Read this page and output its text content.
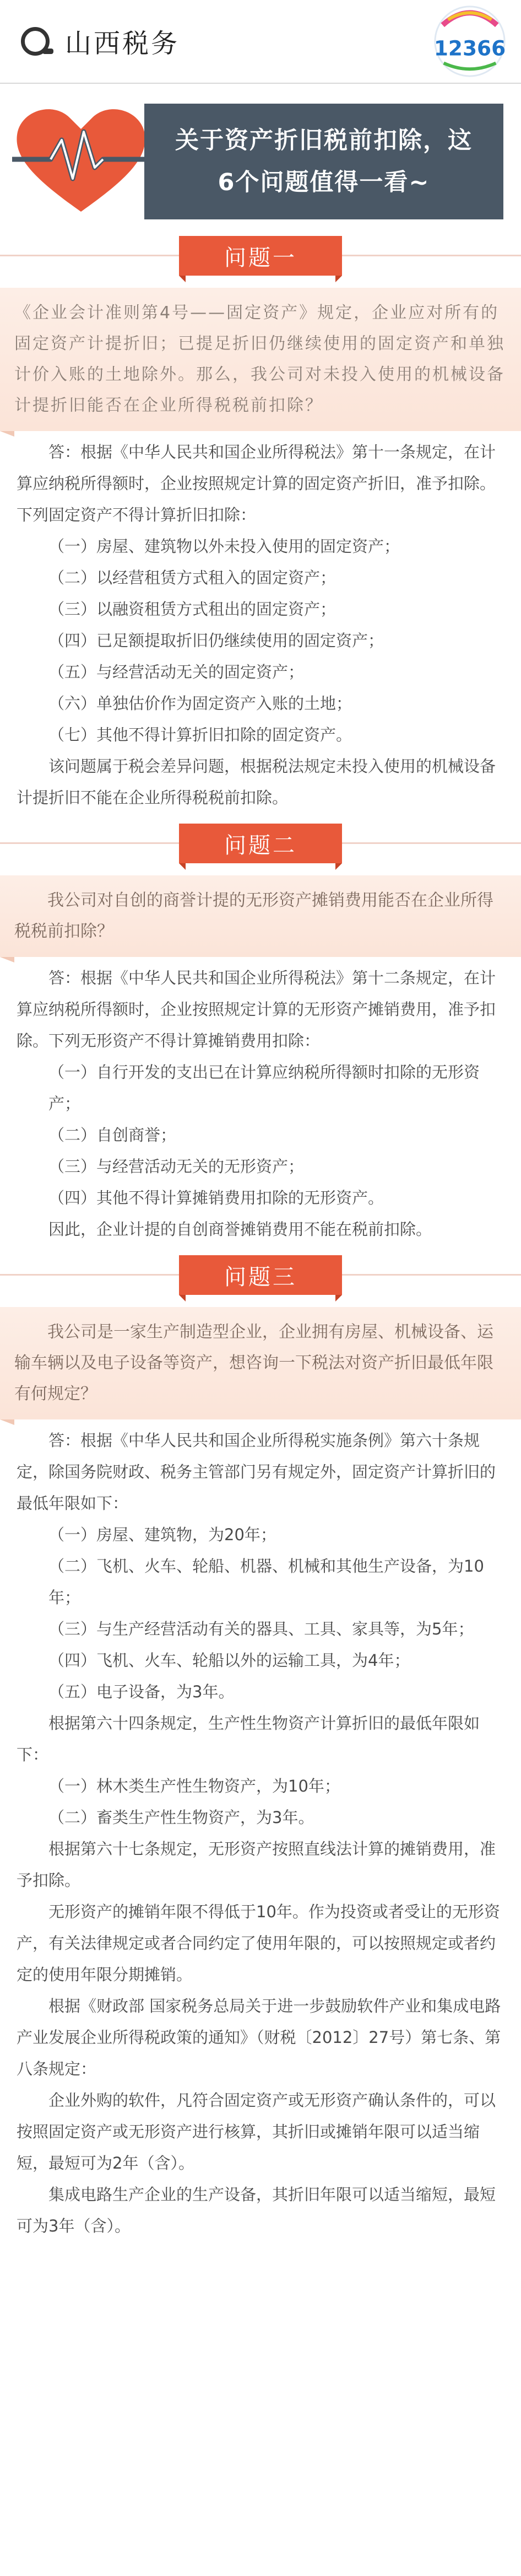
山西税务	12366
关于资产折旧税前扣除，这
6个问题值得一看~
问题一
《企业会计准则第4号——固定资产》规定，企业应对所有的固定资产计提折旧；已提足折旧仍继续使用的固定资产和单独计价入账的土地除外。那么，我公司对未投入使用的机械设备计提折旧能否在企业所得税税前扣除？

答：根据《中华人民共和国企业所得税法》第十一条规定，在计算应纳税所得额时，企业按照规定计算的固定资产折旧，准予扣除。下列固定资产不得计算折旧扣除：

（一）房屋、建筑物以外未投入使用的固定资产；

（二）以经营租赁方式租入的固定资产；

（三）以融资租赁方式租出的固定资产；

（四）已足额提取折旧仍继续使用的固定资产；

（五）与经营活动无关的固定资产；

（六）单独估价作为固定资产入账的土地；

（七）其他不得计算折旧扣除的固定资产。

该问题属于税会差异问题，根据税法规定未投入使用的机械设备计提折旧不能在企业所得税税前扣除。

问题二
我公司对自创的商誉计提的无形资产摊销费用能否在企业所得税税前扣除？

答：根据《中华人民共和国企业所得税法》第十二条规定，在计算应纳税所得额时，企业按照规定计算的无形资产摊销费用，准予扣除。下列无形资产不得计算摊销费用扣除：

（一）自行开发的支出已在计算应纳税所得额时扣除的无形资产；

（二）自创商誉；

（三）与经营活动无关的无形资产；

（四）其他不得计算摊销费用扣除的无形资产。

因此，企业计提的自创商誉摊销费用不能在税前扣除。

问题三
我公司是一家生产制造型企业，企业拥有房屋、机械设备、运输车辆以及电子设备等资产，想咨询一下税法对资产折旧最低年限有何规定？

答：根据《中华人民共和国企业所得税实施条例》第六十条规定，除国务院财政、税务主管部门另有规定外，固定资产计算折旧的最低年限如下：

（一）房屋、建筑物，为20年；

（二）飞机、火车、轮船、机器、机械和其他生产设备，为10年；

（三）与生产经营活动有关的器具、工具、家具等，为5年；

（四）飞机、火车、轮船以外的运输工具，为4年；

（五）电子设备，为3年。

根据第六十四条规定，生产性生物资产计算折旧的最低年限如下：

（一）林木类生产性生物资产，为10年；

（二）畜类生产性生物资产，为3年。

根据第六十七条规定，无形资产按照直线法计算的摊销费用，准予扣除。

无形资产的摊销年限不得低于10年。作为投资或者受让的无形资产，有关法律规定或者合同约定了使用年限的，可以按照规定或者约定的使用年限分期摊销。

根据《财政部 国家税务总局关于进一步鼓励软件产业和集成电路产业发展企业所得税政策的通知》（财税〔2012〕27号）第七条、第八条规定：

企业外购的软件，凡符合固定资产或无形资产确认条件的，可以按照固定资产或无形资产进行核算，其折旧或摊销年限可以适当缩短，最短可为2年（含）。

集成电路生产企业的生产设备，其折旧年限可以适当缩短，最短可为3年（含）。
